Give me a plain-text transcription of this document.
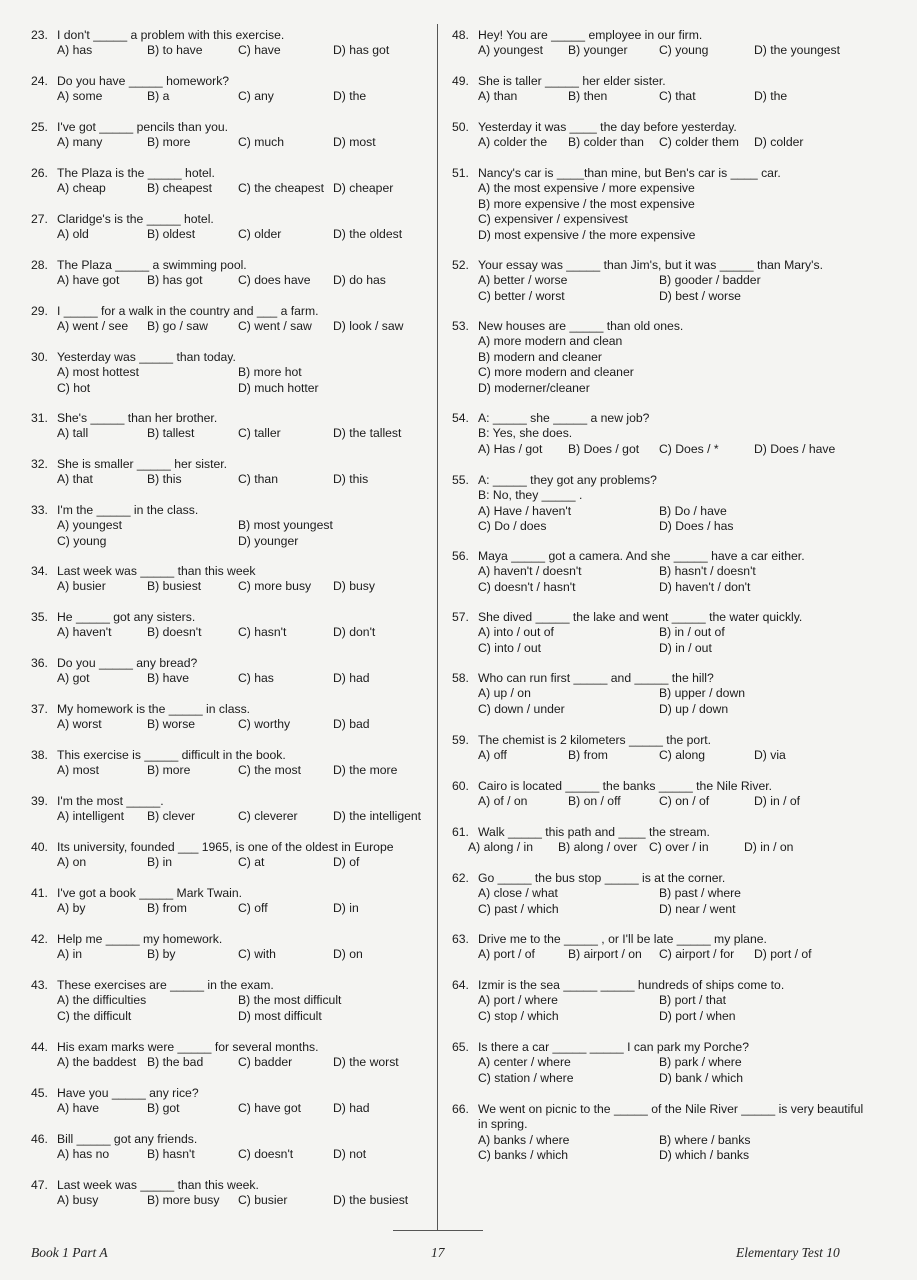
23. I don't _____ a problem with this exercise.
A) has	B) to have	C) have	D) has got
24. Do you have _____ homework?
A) some	B) a	C) any	D) the
25. I've got _____ pencils than you.
A) many	B) more	C) much	D) most
26. The Plaza is the _____ hotel.
A) cheap	B) cheapest C) the cheapest D) cheaper
27. Claridge's is the _____ hotel.
A) old	B) oldest	C) older	D) the oldest
28. The Plaza _____ a swimming pool.
A) have got B) has got	C) does have D) do has
29. I _____ for a walk in the country and ___ a farm.
A) went / see B) go / saw C) went / saw D) look / saw
30. Yesterday was _____ than today.
A) most hottest	B) more hot
C) hot	D) much hotter
31. She's _____ than her brother.
A) tall	B) tallest	C) taller	D) the tallest
32. She is smaller _____ her sister.
A) that	B) this	C) than	D) this
33. I'm the _____ in the class.
A) youngest	B) most youngest
C) young	D) younger
34. Last week was _____ than this week
A) busier	B) busiest	C) more busy D) busy
35. He _____ got any sisters.
A) haven't	B) doesn't	C) hasn't	D) don't
36. Do you _____ any bread?
A) got	B) have	C) has	D) had
37. My homework is the _____ in class.
A) worst	B) worse	C) worthy	D) bad
38. This exercise is _____ difficult in the book.
A) most	B) more	C) the most	D) the more
39. I'm the most _____.
A) intelligent B) clever	C) cleverer	D) the intelligent
40. Its university, founded ___ 1965, is one of the oldest in Europe
A) on	B) in	C) at	D) of
41. I've got a book _____ Mark Twain.
A) by	B) from	C) off	D) in
42. Help me _____ my homework.
A) in	B) by	C) with	D) on
43. These exercises are _____ in the exam.
A) the difficulties	B) the most difficult
C) the difficult	D) most difficult
44. His exam marks were _____ for several months.
A) the baddest B) the bad	C) badder	D) the worst
45. Have you _____ any rice?
A) have	B) got	C) have got	D) had
46. Bill _____ got any friends.
A) has no	B) hasn't	C) doesn't	D) not
47. Last week was _____ than this week.
A) busy	B) more busy C) busier	D) the busiest
48. Hey! You are _____ employee in our firm.
A) youngest B) younger	C) young	D) the youngest
49. She is taller _____ her elder sister.
A) than	B) then	C) that	D) the
50. Yesterday it was ____ the day before yesterday.
A) colder the B) colder than C) colder them D) colder
51. Nancy's car is ____than mine, but Ben's car is ____ car.
A) the most expensive / more expensive
B) more expensive / the most expensive
C) expensiver / expensivest
D) most expensive / the more expensive
52. Your essay was _____ than Jim's, but it was _____ than Mary's.
A) better / worse	B) gooder / badder
C) better / worst	D) best / worse
53. New houses are _____ than old ones.
A) more modern and clean
B) modern and cleaner
C) more modern and cleaner
D) moderner/cleaner
54. A: _____ she _____ a new job?
B: Yes, she does.
A) Has / got B) Does / got C) Does / *	D) Does / have
55. A: _____ they got any problems?
B: No, they _____ .
A) Have / haven't	B) Do / have
C) Do / does	D) Does / has
56. Maya _____ got a camera. And she _____ have a car either.
A) haven't / doesn't	B) hasn't / doesn't
C) doesn't / hasn't	D) haven't / don't
57. She dived _____ the lake and went _____ the water quickly.
A) into / out of	B) in / out of
C) into / out	D) in / out
58. Who can run first _____ and _____ the hill?
A) up / on	B) upper / down
C) down / under	D) up / down
59. The chemist is 2 kilometers _____ the port.
A) off	B) from	C) along	D) via
60. Cairo is located _____ the banks _____ the Nile River.
A) of / on	B) on / off	C) on / of	D) in / of
61. Walk _____ this path and ____ the stream.
A) along / in B) along / over C) over / in	D) in / on
62. Go _____ the bus stop _____ is at the corner.
A) close / what	B) past / where
C) past / which	D) near / went
63. Drive me to the _____ , or I'll be late _____ my plane.
A) port / of	B) airport / on C) airport / for D) port / of
64. Izmir is the sea _____ _____ hundreds of ships come to.
A) port / where	B) port / that
C) stop / which	D) port / when
65. Is there a car _____ _____ I can park my Porche?
A) center / where	B) park / where
C) station / where	D) bank / which
66. We went on picnic to the _____ of the Nile River _____ is very beautiful
in spring.
A) banks / where	B) where / banks
C) banks / which	D) which / banks
Book 1 Part A	17	Elementary Test 10
